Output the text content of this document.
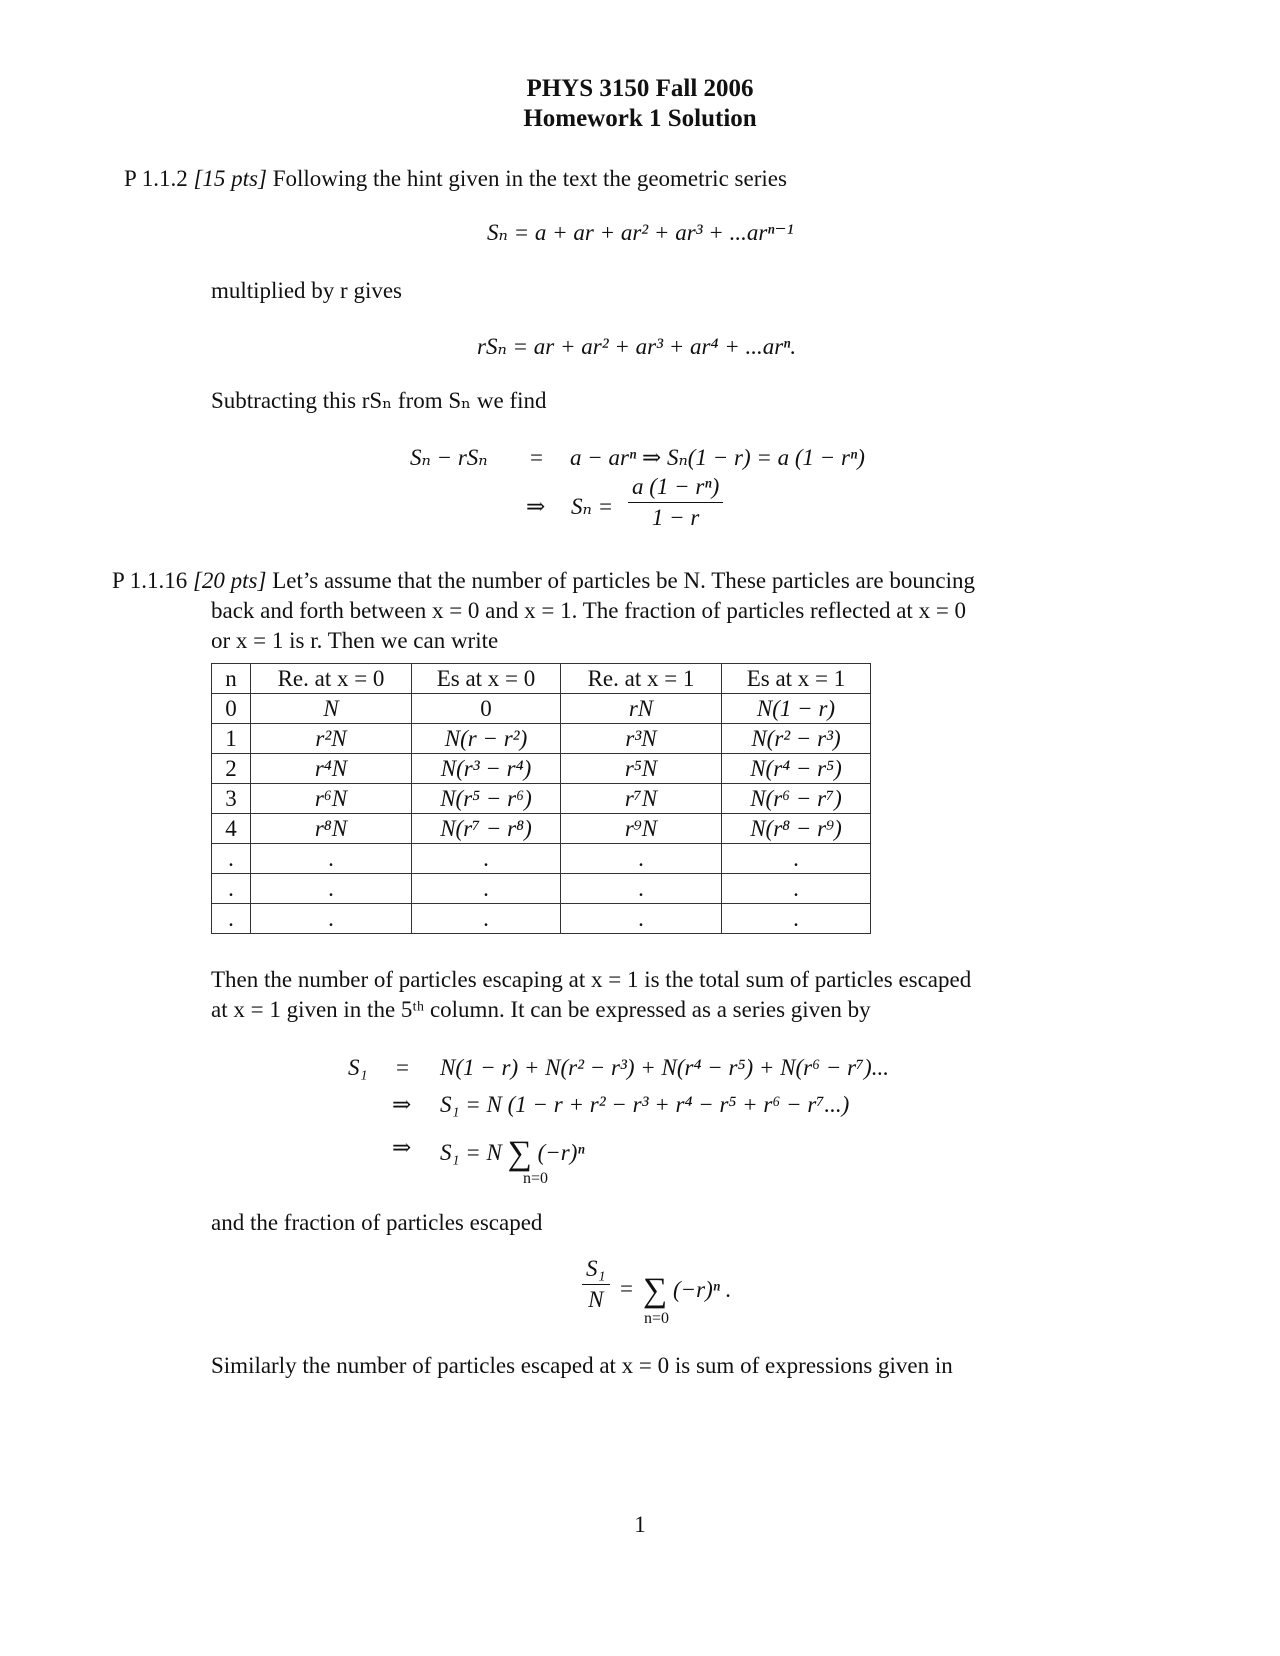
PHYS 3150 Fall 2006
Homework 1 Solution
P 1.1.2 [15 pts] Following the hint given in the text the geometric series
Sₙ = a + ar + ar² + ar³ + ...arⁿ⁻¹
multiplied by r gives
rSₙ = ar + ar² + ar³ + ar⁴ + ...arⁿ.
Subtracting this rSₙ from Sₙ we find
Sₙ − rSₙ = a − arⁿ ⇒ Sₙ(1 − r) = a (1 − rⁿ)
⇒ $S_n = \frac{\text{a (1 − rⁿ)}}{1 - r}$
P 1.1.16 [20 pts] Let’s assume that the number of particles be N. These particles are bouncing
back and forth between x = 0 and x = 1. The fraction of particles reflected at x = 0
or x = 1 is r. Then we can write
n	Re. at x = 0	Es at x = 0	Re. at x = 1	Es at x = 1
0	N	0	rN	N(1 − r)
1	r²N	N(r − r²)	r³N	N(r² − r³)
2	r⁴N	N(r³ − r⁴)	r⁵N	N(r⁴ − r⁵)
3	r⁶N	N(r⁵ − r⁶)	r⁷N	N(r⁶ − r⁷)
4	r⁸N	N(r⁷ − r⁸)	r⁹N	N(r⁸ − r⁹)
.	.	.	.	.
.	.	.	.	.
.	.	.	.	.
Then the number of particles escaping at x = 1 is the total sum of particles escaped
at x = 1 given in the 5ᵗʰ column. It can be expressed as a series given by
S₁ = N(1 − r) + N(r² − r³) + N(r⁴ − r⁵) + N(r⁶ − r⁷)...
⇒ S₁ = N (1 − r + r² − r³ + r⁴ − r⁵ + r⁶ − r⁷...)
⇒ S₁ = N ∑ (−r)ⁿ
n=0
and the fraction of particles escaped
$\frac{\text{S₁}}{N}$ = ∑ (−r)ⁿ .
n=0
Similarly the number of particles escaped at x = 0 is sum of expressions given in
1
